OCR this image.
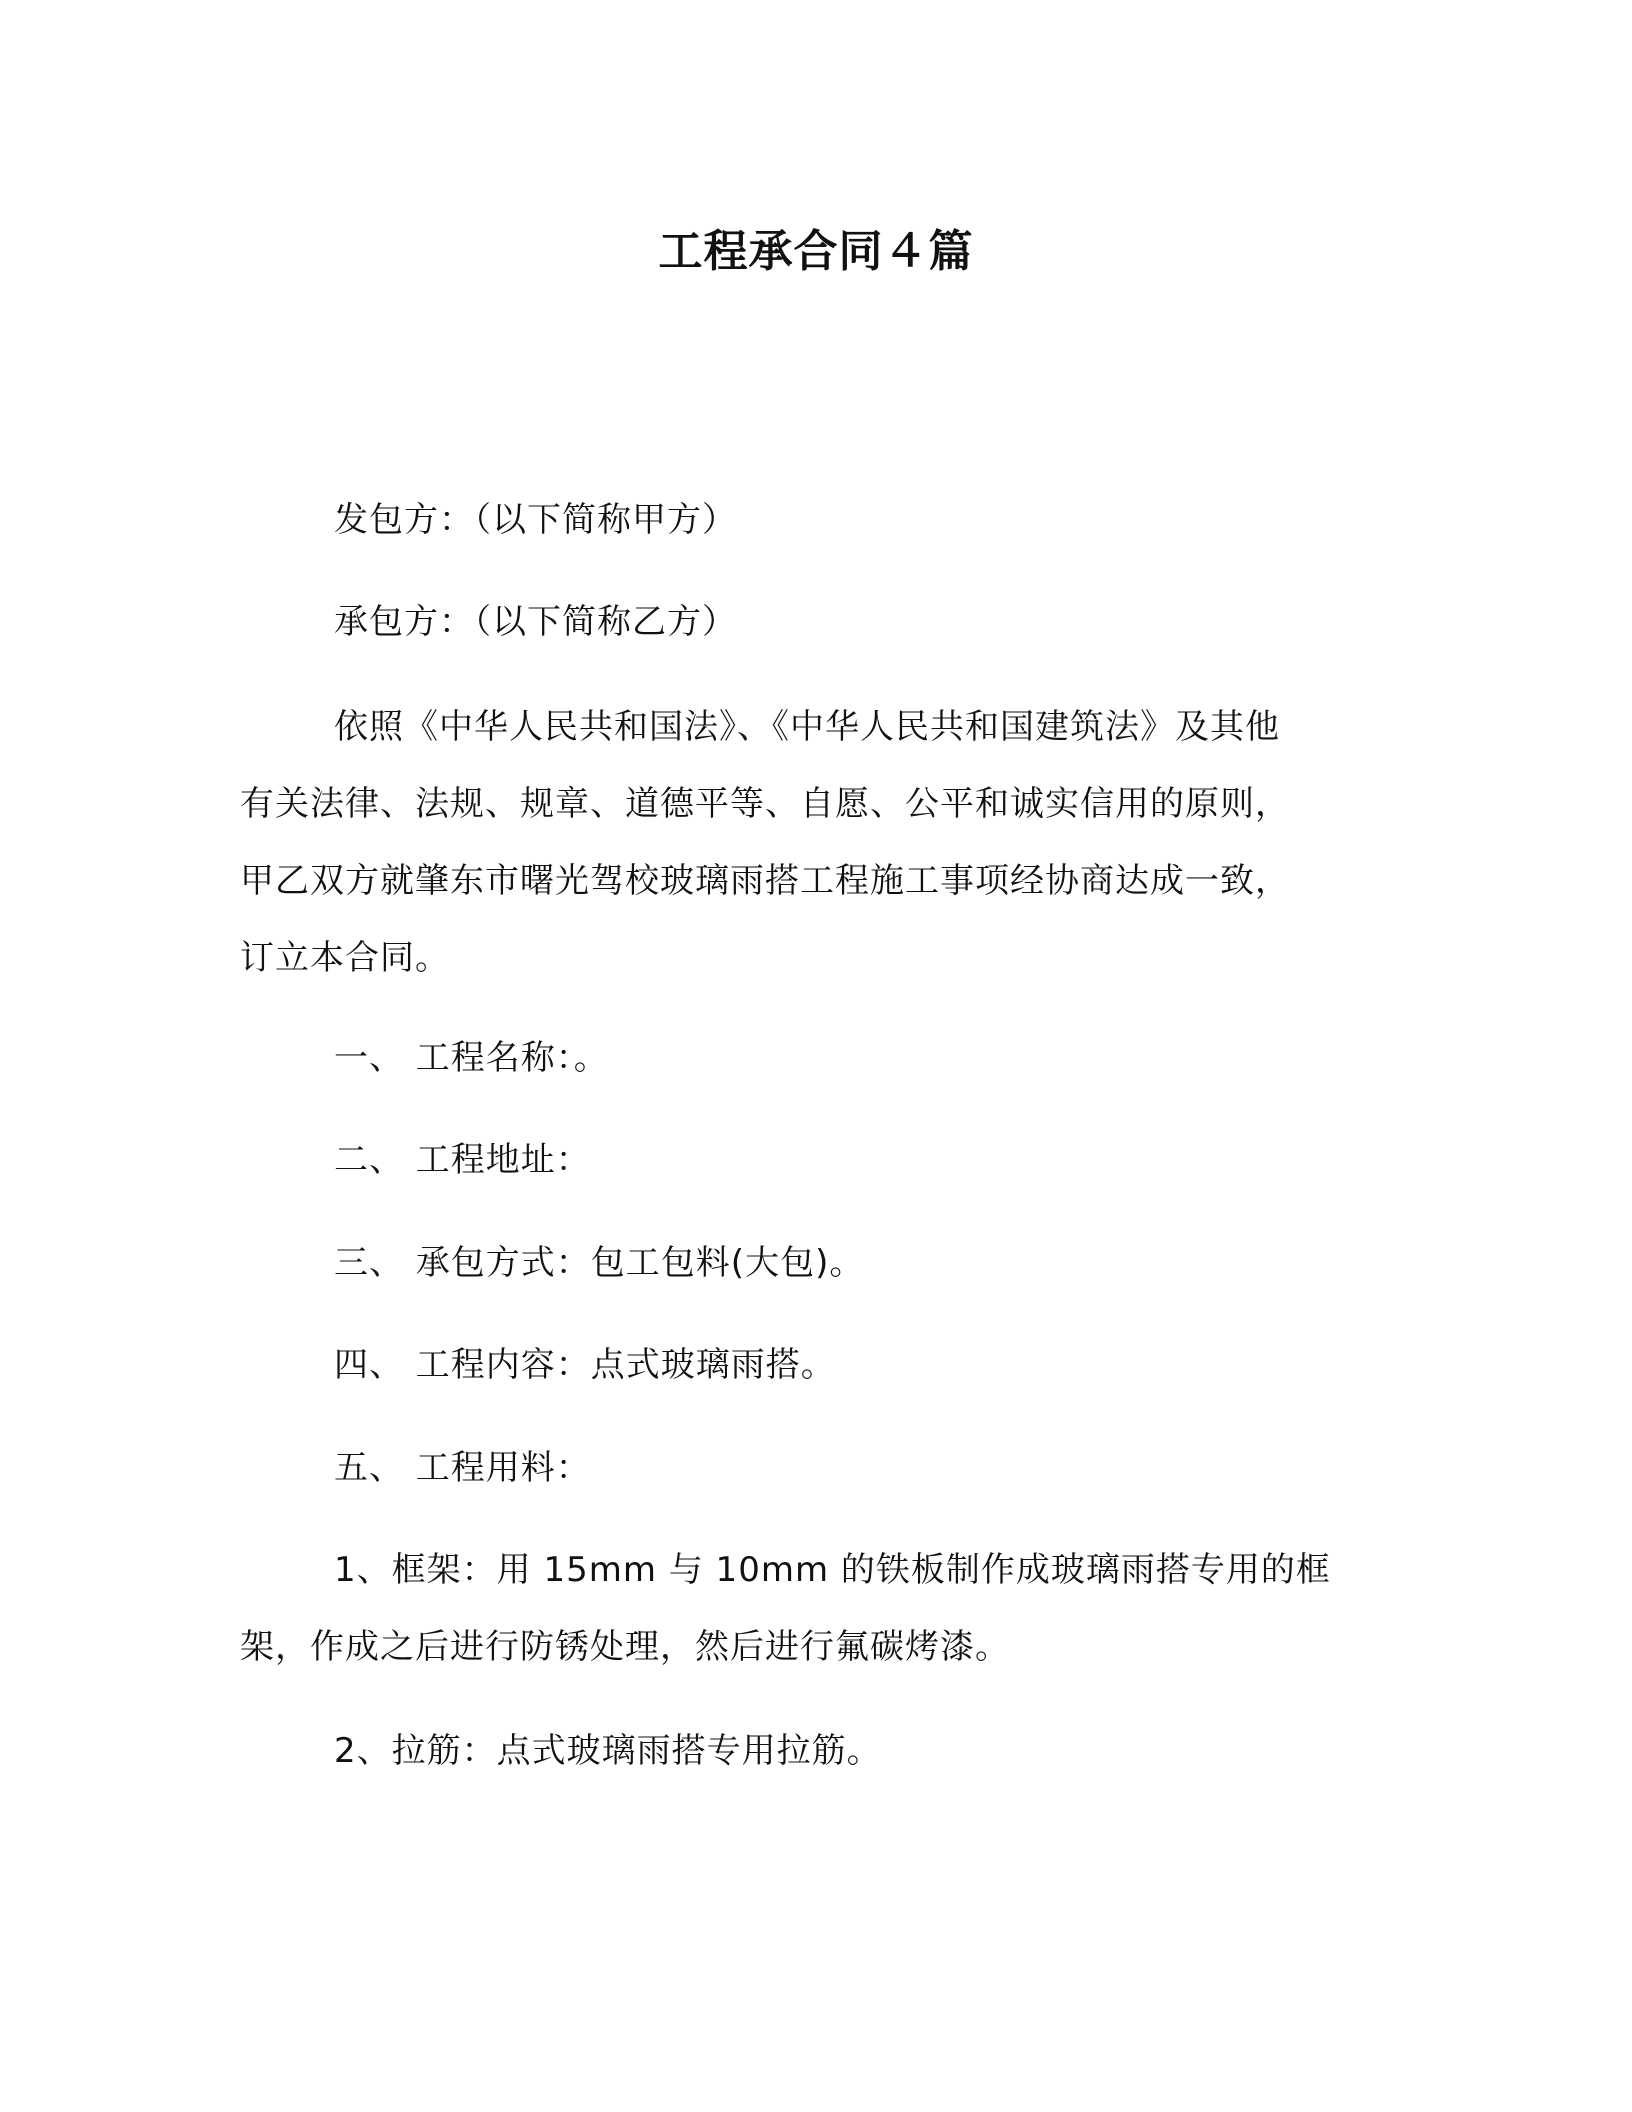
工程承合同４篇
发包方：（以下简称甲方）
承包方：（以下简称乙方）
依照《中华人民共和国法》、《中华人民共和国建筑法》及其他
有关法律、法规、规章、道德平等、自愿、公平和诚实信用的原则，
甲乙双方就肇东市曙光驾校玻璃雨搭工程施工事项经协商达成一致，
订立本合同。
一、 工程名称：。
二、 工程地址：
三、 承包方式：包工包料(大包)。
四、 工程内容：点式玻璃雨搭。
五、 工程用料：
1、框架：用 15mm 与 10mm 的铁板制作成玻璃雨搭专用的框
架，作成之后进行防锈处理，然后进行氟碳烤漆。
2、拉筋：点式玻璃雨搭专用拉筋。
